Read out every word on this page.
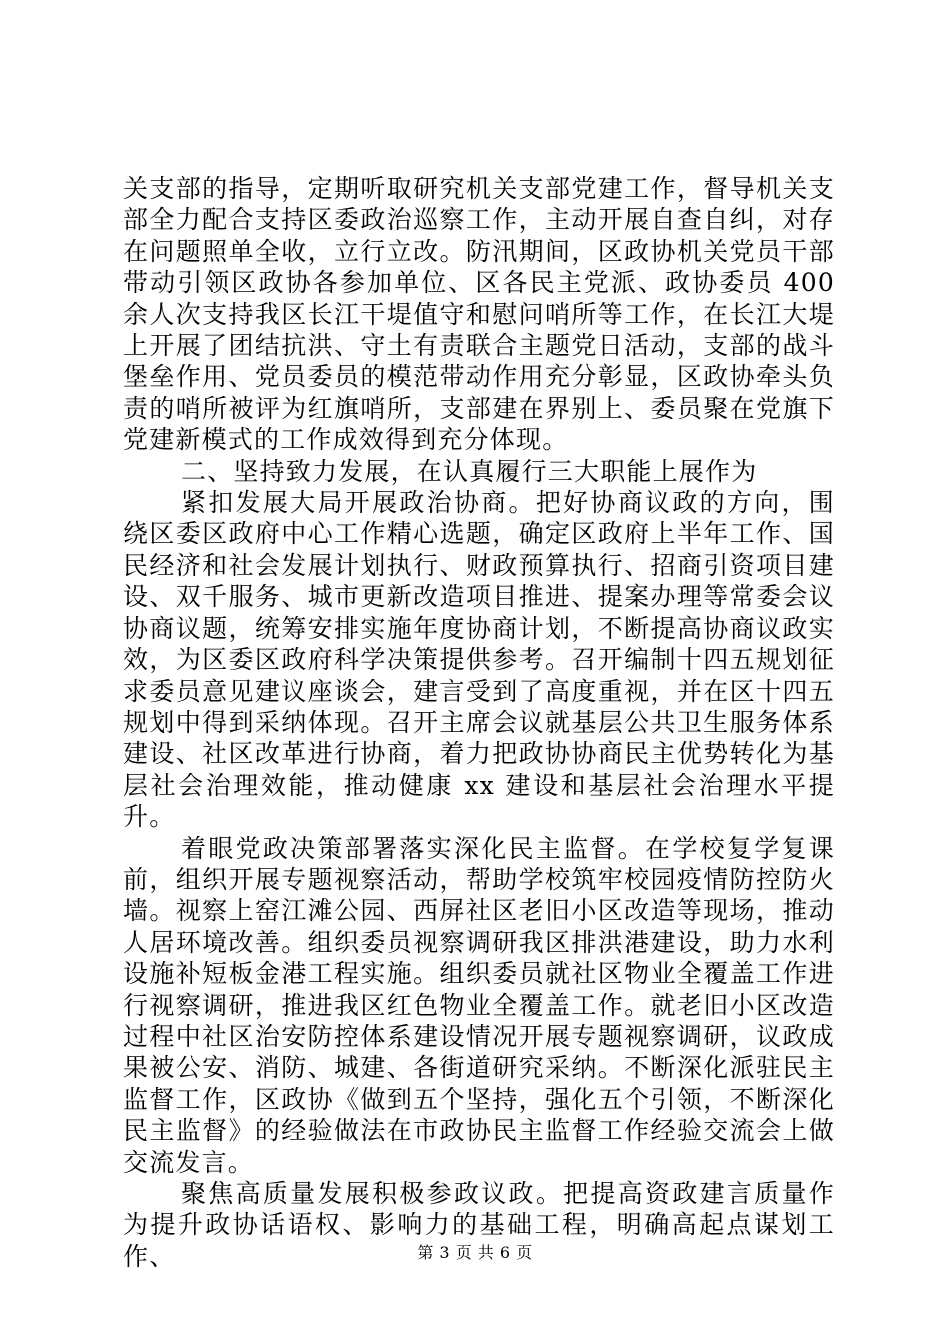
关支部的指导，定期听取研究机关支部党建工作，督导机关支部全力配合支持区委政治巡察工作，主动开展自查自纠，对存在问题照单全收，立行立改。防汛期间，区政协机关党员干部带动引领区政协各参加单位、区各民主党派、政协委员 400 余人次支持我区长江干堤值守和慰问哨所等工作，在长江大堤上开展了团结抗洪、守土有责联合主题党日活动，支部的战斗堡垒作用、党员委员的模范带动作用充分彰显，区政协牵头负责的哨所被评为红旗哨所，支部建在界别上、委员聚在党旗下党建新模式的工作成效得到充分体现。

二、坚持致力发展，在认真履行三大职能上展作为

紧扣发展大局开展政治协商。把好协商议政的方向，围绕区委区政府中心工作精心选题，确定区政府上半年工作、国民经济和社会发展计划执行、财政预算执行、招商引资项目建设、双千服务、城市更新改造项目推进、提案办理等常委会议协商议题，统筹安排实施年度协商计划，不断提高协商议政实效，为区委区政府科学决策提供参考。召开编制十四五规划征求委员意见建议座谈会，建言受到了高度重视，并在区十四五规划中得到采纳体现。召开主席会议就基层公共卫生服务体系建设、社区改革进行协商，着力把政协协商民主优势转化为基层社会治理效能，推动健康 xx 建设和基层社会治理水平提升。

着眼党政决策部署落实深化民主监督。在学校复学复课前，组织开展专题视察活动，帮助学校筑牢校园疫情防控防火墙。视察上窑江滩公园、西屏社区老旧小区改造等现场，推动人居环境改善。组织委员视察调研我区排洪港建设，助力水利设施补短板金港工程实施。组织委员就社区物业全覆盖工作进行视察调研，推进我区红色物业全覆盖工作。就老旧小区改造过程中社区治安防控体系建设情况开展专题视察调研，议政成果被公安、消防、城建、各街道研究采纳。不断深化派驻民主监督工作，区政协《做到五个坚持，强化五个引领，不断深化民主监督》的经验做法在市政协民主监督工作经验交流会上做交流发言。

聚焦高质量发展积极参政议政。把提高资政建言质量作为提升政协话语权、影响力的基础工程，明确高起点谋划工作、	第 3 页 共 6 页
